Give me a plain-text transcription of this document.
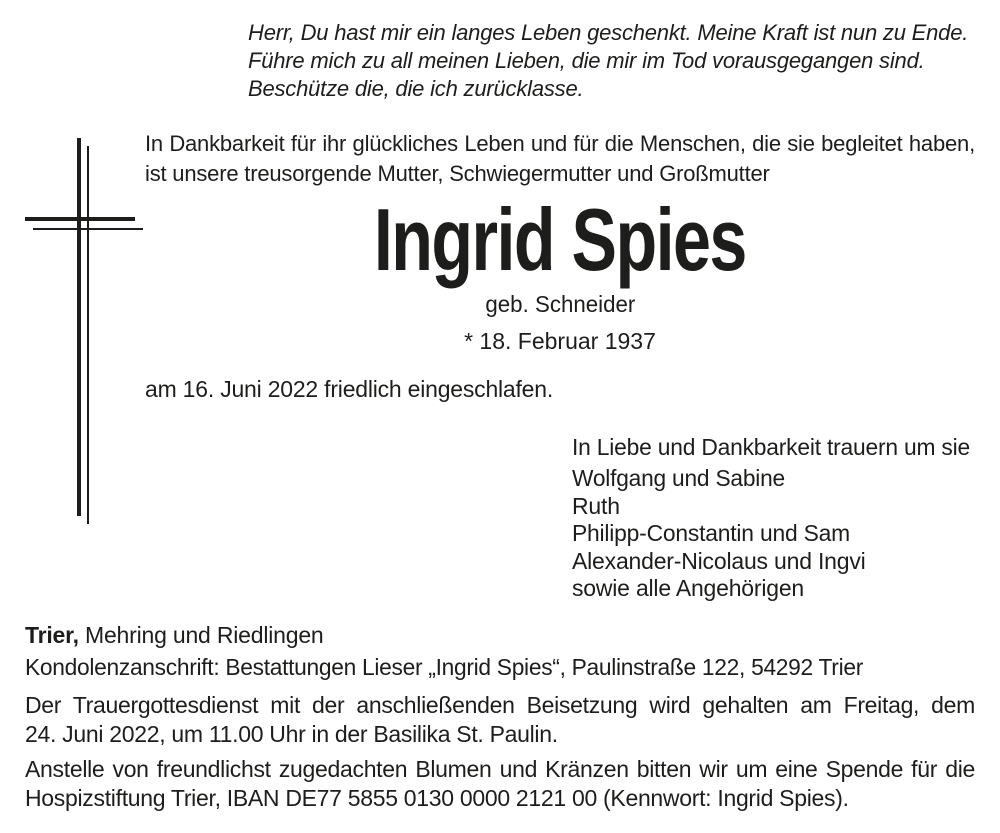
Herr, Du hast mir ein langes Leben geschenkt. Meine Kraft ist nun zu Ende.
Führe mich zu all meinen Lieben, die mir im Tod vorausgegangen sind.
Beschütze die, die ich zurücklasse.
In Dankbarkeit für ihr glückliches Leben und für die Menschen, die sie begleitet haben,
ist unsere treusorgende Mutter, Schwiegermutter und Großmutter
Ingrid Spies
geb. Schneider
* 18. Februar 1937
am 16. Juni 2022 friedlich eingeschlafen.
In Liebe und Dankbarkeit trauern um sie
Wolfgang und Sabine
Ruth
Philipp-Constantin und Sam
Alexander-Nicolaus und Ingvi
sowie alle Angehörigen
Trier, Mehring und Riedlingen
Kondolenzanschrift: Bestattungen Lieser „Ingrid Spies“, Paulinstraße 122, 54292 Trier
Der Trauergottesdienst mit der anschließenden Beisetzung wird gehalten am Freitag, dem
24. Juni 2022, um 11.00 Uhr in der Basilika St. Paulin.
Anstelle von freundlichst zugedachten Blumen und Kränzen bitten wir um eine Spende für die
Hospizstiftung Trier, IBAN DE77 5855 0130 0000 2121 00 (Kennwort: Ingrid Spies).
